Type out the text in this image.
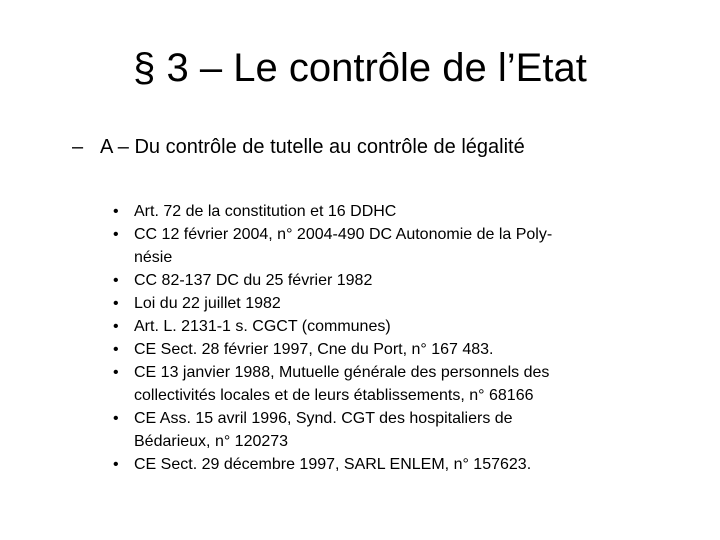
§ 3 – Le contrôle de l’Etat
– A – Du contrôle de tutelle au contrôle de légalité
• Art. 72 de la constitution et 16 DDHC
• CC 12 février 2004, n° 2004-490 DC Autonomie de la Poly-
nésie
• CC 82-137 DC du 25 février 1982
• Loi du 22 juillet 1982
• Art. L. 2131-1 s. CGCT (communes)
• CE Sect. 28 février 1997, Cne du Port, n° 167 483.
• CE 13 janvier 1988, Mutuelle générale des personnels des
collectivités locales et de leurs établissements, n° 68166
• CE Ass. 15 avril 1996, Synd. CGT des hospitaliers de
Bédarieux, n° 120273
• CE Sect. 29 décembre 1997, SARL ENLEM, n° 157623.
